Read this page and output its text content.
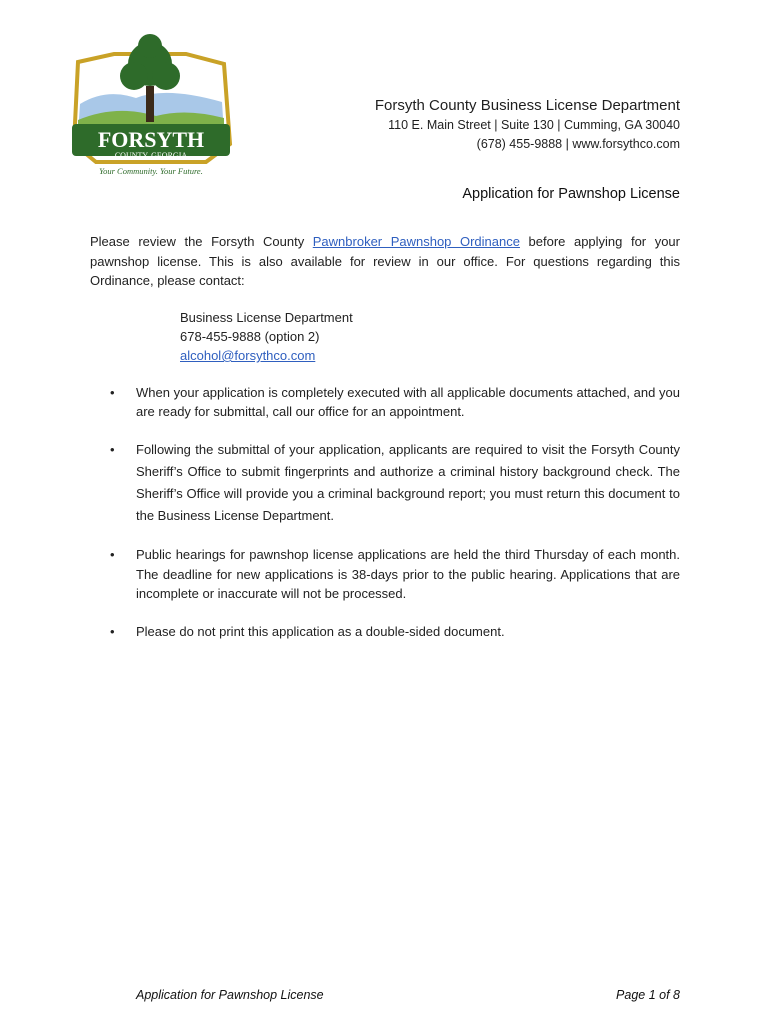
FORSYTH
COUNTY, GEORGIA
Your Community. Your Future.
Forsyth County Business License Department
110 E. Main Street | Suite 130 | Cumming, GA 30040
(678) 455-9888 | www.forsythco.com
Application for Pawnshop License
Please review the Forsyth County Pawnbroker Pawnshop Ordinance before applying for your pawnshop license. This is also available for review in our office. For questions regarding this Ordinance, please contact:
Business License Department
678-455-9888 (option 2)
alcohol@forsythco.com
• When your application is completely executed with all applicable documents attached, and you are ready for submittal, call our office for an appointment.
• Following the submittal of your application, applicants are required to visit the Forsyth County Sheriff’s Office to submit fingerprints and authorize a criminal history background check. The Sheriff’s Office will provide you a criminal background report; you must return this document to the Business License Department.
• Public hearings for pawnshop license applications are held the third Thursday of each month. The deadline for new applications is 38-days prior to the public hearing. Applications that are incomplete or inaccurate will not be processed.
• Please do not print this application as a double-sided document.
Application for Pawnshop License	Page 1 of 8
